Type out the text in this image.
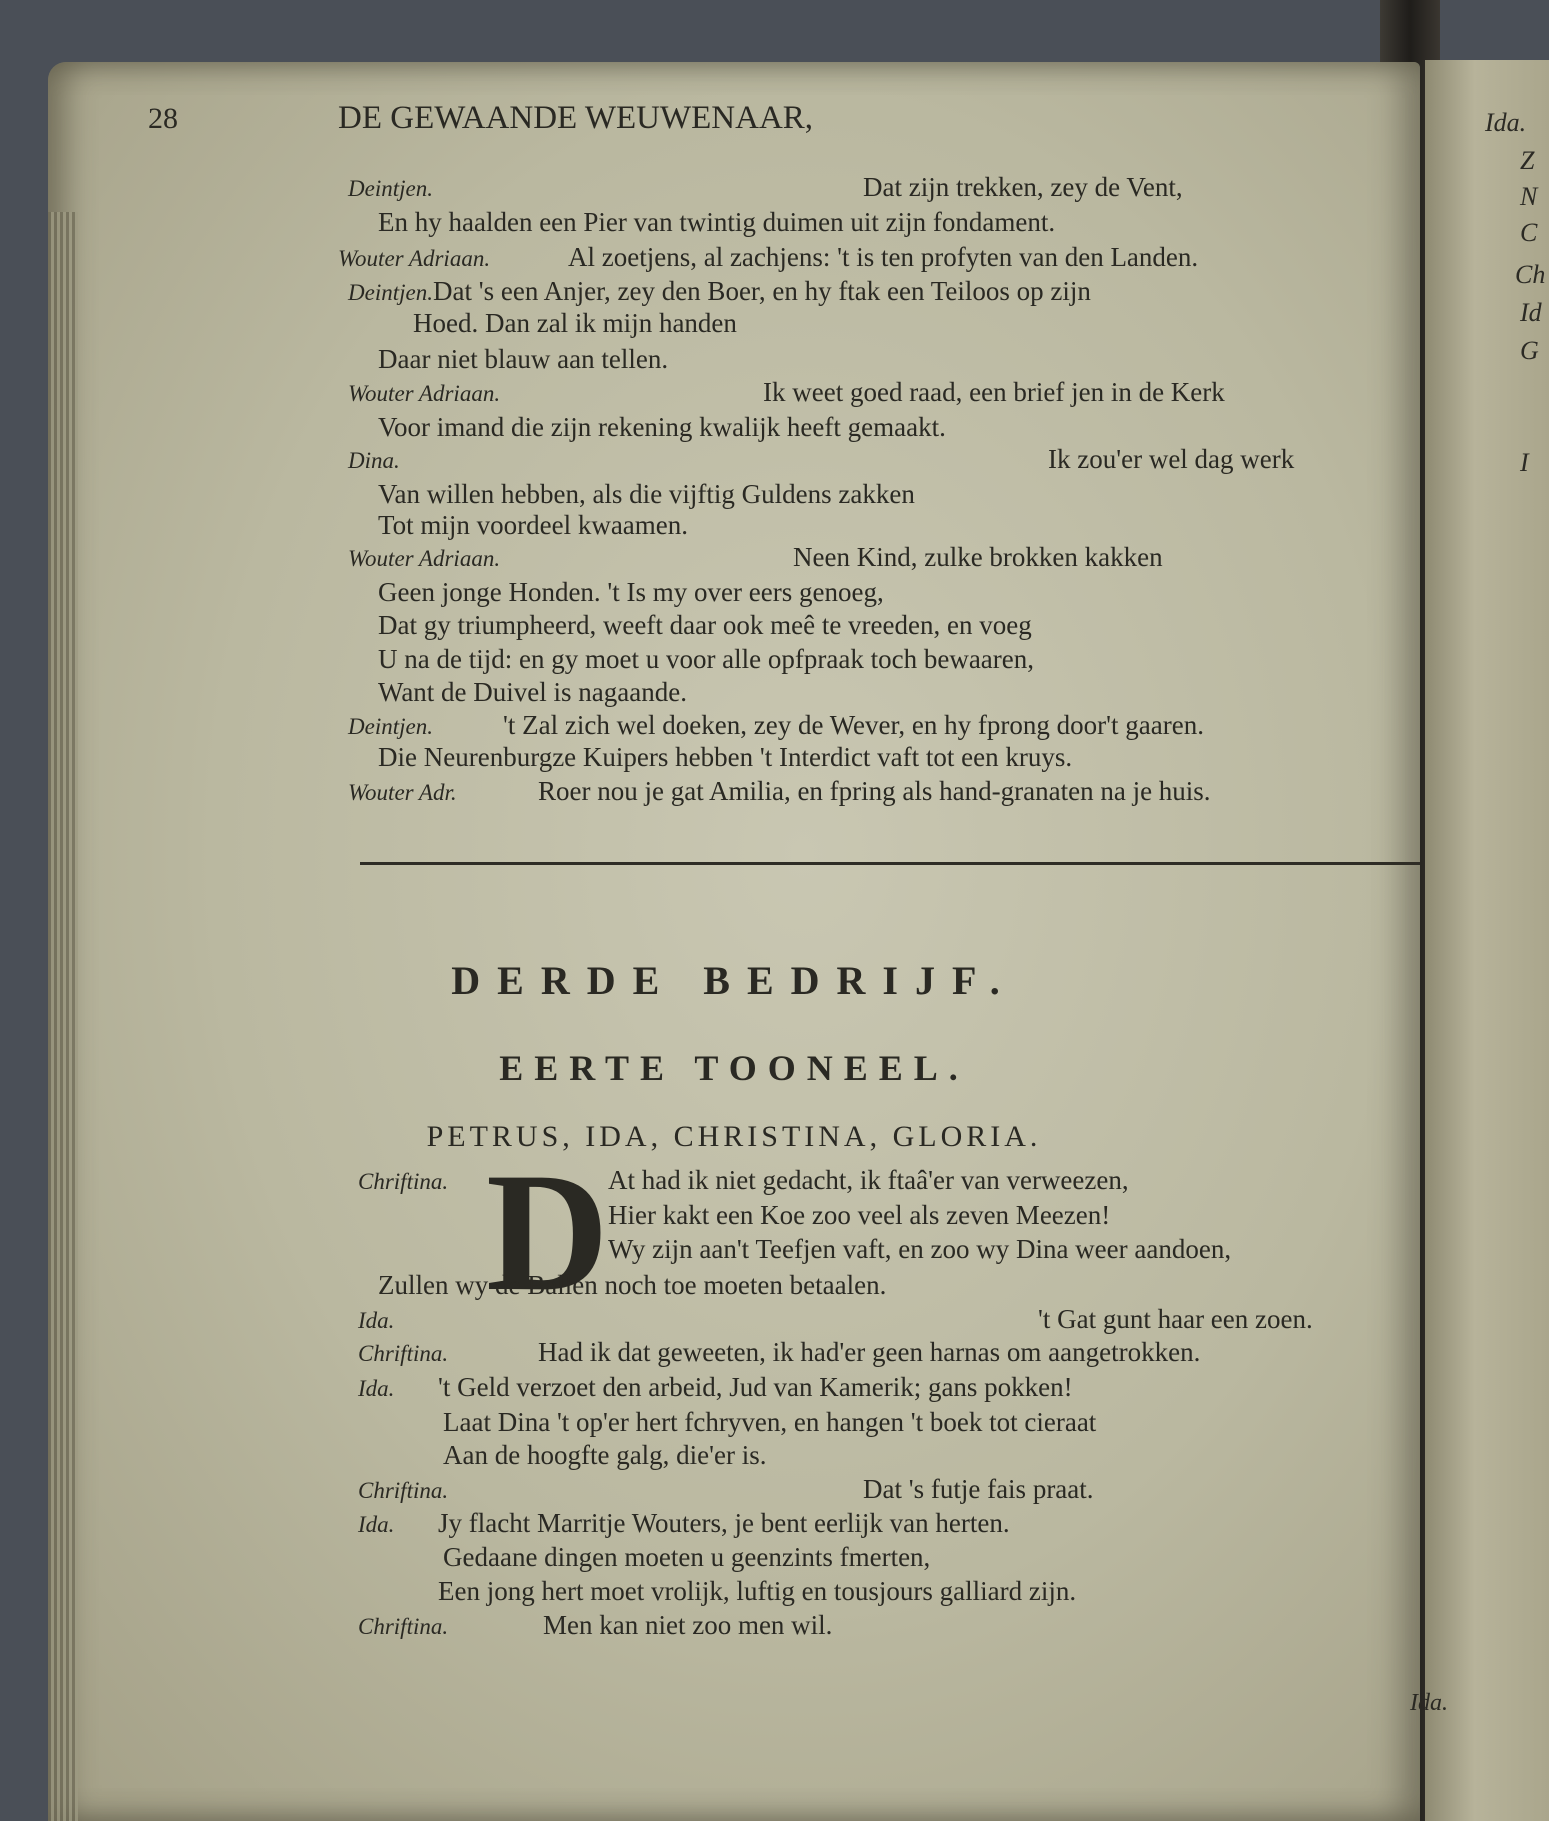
Ida.
Z
N
C
Ch
Id
G
I
28	DE GEWAANDE WEUWENAAR,
Deintjen.	Dat zijn trekken, zey de Vent,
En hy haalden een Pier van twintig duimen uit zijn fondament.
Wouter Adriaan.	Al zoetjens, al zachjens: 't is ten profyten van den Landen.
Deintjen. Dat 's een Anjer, zey den Boer, en hy ftak een Teiloos op zijn
Hoed. Dan zal ik mijn handen
Daar niet blauw aan tellen.
Wouter Adriaan.	Ik weet goed raad, een brief jen in de Kerk
Voor imand die zijn rekening kwalijk heeft gemaakt.
Dina.	Ik zou'er wel dag werk
Van willen hebben, als die vijftig Guldens zakken
Tot mijn voordeel kwaamen.
Wouter Adriaan.	Neen Kind, zulke brokken kakken
Geen jonge Honden. 't Is my over eers genoeg,
Dat gy triumpheerd, weeft daar ook meê te vreeden, en voeg
U na de tijd: en gy moet u voor alle opfpraak toch bewaaren,
Want de Duivel is nagaande.
Deintjen.	't Zal zich wel doeken, zey de Wever, en hy fprong door't gaaren.
Die Neurenburgze Kuipers hebben 't Interdict vaft tot een kruys.
Wouter Adr.	Roer nou je gat Amilia, en fpring als hand-granaten na je huis.
DERDE BEDRIJF.
EERTE TOONEEL.
PETRUS, IDA, CHRISTINA, GLORIA.
D
Chriftina.	At had ik niet gedacht, ik ftaâ'er van verweezen,
Hier kakt een Koe zoo veel als zeven Meezen!
Wy zijn aan't Teefjen vaft, en zoo wy Dina weer aandoen,
Zullen wy de Ballen noch toe moeten betaalen.
Ida.	't Gat gunt haar een zoen.
Chriftina.	Had ik dat geweeten, ik had'er geen harnas om aangetrokken.
Ida. 't Geld verzoet den arbeid, Jud van Kamerik; gans pokken!
Laat Dina 't op'er hert fchryven, en hangen 't boek tot cieraat
Aan de hoogfte galg, die'er is.
Chriftina.	Dat 's futje fais praat.
Ida. Jy flacht Marritje Wouters, je bent eerlijk van herten.
Gedaane dingen moeten u geenzints fmerten,
Een jong hert moet vrolijk, luftig en tousjours galliard zijn.
Chriftina.	Men kan niet zoo men wil.
Ida.
